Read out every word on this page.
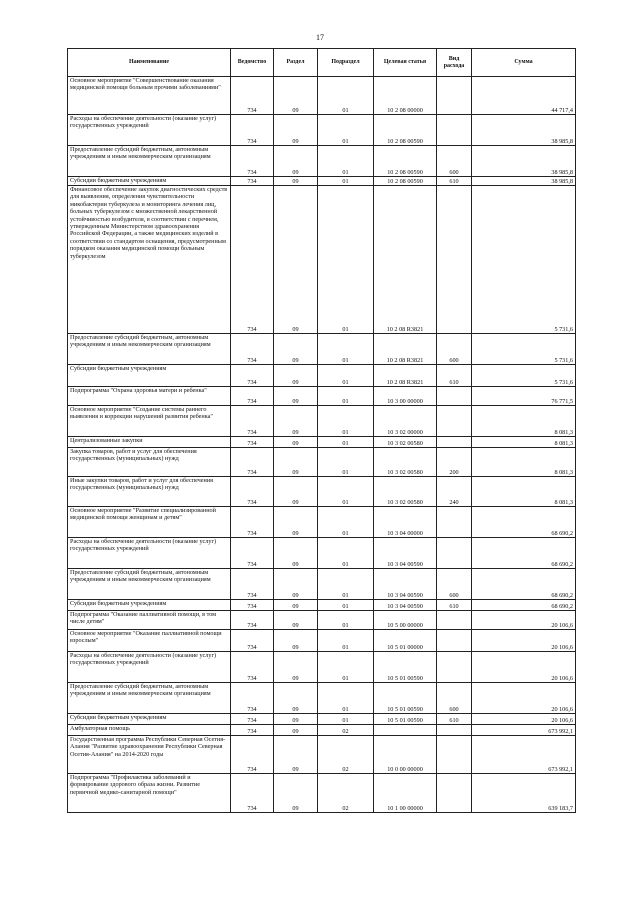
17
Наименование	Ведомство	Раздел	Подраздел	Целевая статья	Вид расхода	Сумма
Основное мероприятие "Совершенствование оказания медицинской помощи больным прочими заболеваниями"	734	09	01	10 2 08 00000		44 717,4
Расходы на обеспечение деятельности (оказание услуг) государственных учреждений	734	09	01	10 2 08 00590		38 985,8
Предоставление субсидий бюджетным, автономным учреждениям и иным некоммерческим организациям	734	09	01	10 2 08 00590	600	38 985,8
Субсидии бюджетным учреждениям	734	09	01	10 2 08 00590	610	38 985,8
Финансовое обеспечение закупок диагностических средств для выявления, определения чувствительности микобактерии туберкулеза и мониторинга лечения лиц, больных туберкулезом с множественной лекарственной устойчивостью возбудителя, в соответствии с перечнем, утвержденным Министерством здравоохранения Российской Федерации, а также медицинских изделий в соответствии со стандартом оснащения, предусмотренным порядком оказания медицинской помощи больным туберкулезом	734	09	01	10 2 08 R3821		5 731,6
Предоставление субсидий бюджетным, автономным учреждениям и иным некоммерческим организациям	734	09	01	10 2 08 R3821	600	5 731,6
Субсидии бюджетным учреждениям	734	09	01	10 2 08 R3821	610	5 731,6
Подпрограмма "Охрана здоровья матери и ребенка"	734	09	01	10 3 00 00000		76 771,5
Основное мероприятие "Создание системы раннего выявления и коррекции нарушений развития ребенка"	734	09	01	10 3 02 00000		8 081,3
Централизованные закупки	734	09	01	10 3 02 00580		8 081,3
Закупка товаров, работ и услуг для обеспечения государственных (муниципальных) нужд	734	09	01	10 3 02 00580	200	8 081,3
Иные закупки товаров, работ и услуг для обеспечения государственных (муниципальных) нужд	734	09	01	10 3 02 00580	240	8 081,3
Основное мероприятие "Развитие специализированной медицинской помощи женщинам и детям"	734	09	01	10 3 04 00000		68 690,2
Расходы на обеспечение деятельности (оказание услуг) государственных учреждений	734	09	01	10 3 04 00590		68 690,2
Предоставление субсидий бюджетным, автономным учреждениям и иным некоммерческим организациям	734	09	01	10 3 04 00590	600	68 690,2
Субсидии бюджетным учреждениям	734	09	01	10 3 04 00590	610	68 690,2
Подпрограмма "Оказание паллиативной помощи, в том числе детям"	734	09	01	10 5 00 00000		20 106,6
Основное мероприятие "Оказание паллиативной помощи взрослым"	734	09	01	10 5 01 00000		20 106,6
Расходы на обеспечение деятельности (оказание услуг) государственных учреждений	734	09	01	10 5 01 00590		20 106,6
Предоставление субсидий бюджетным, автономным учреждениям и иным некоммерческим организациям	734	09	01	10 5 01 00590	600	20 106,6
Субсидии бюджетным учреждениям	734	09	01	10 5 01 00590	610	20 106,6
Амбулаторная помощь	734	09	02			673 992,1
Государственная программа Республики Северная Осетия-Алания "Развитие здравоохранения Республики Северная Осетия-Алания" на 2014-2020 годы	734	09	02	10 0 00 00000		673 992,1
Подпрограмма "Профилактика заболеваний и формирование здорового образа жизни. Развитие первичной медико-санитарной помощи"	734	09	02	10 1 00 00000		639 183,7
